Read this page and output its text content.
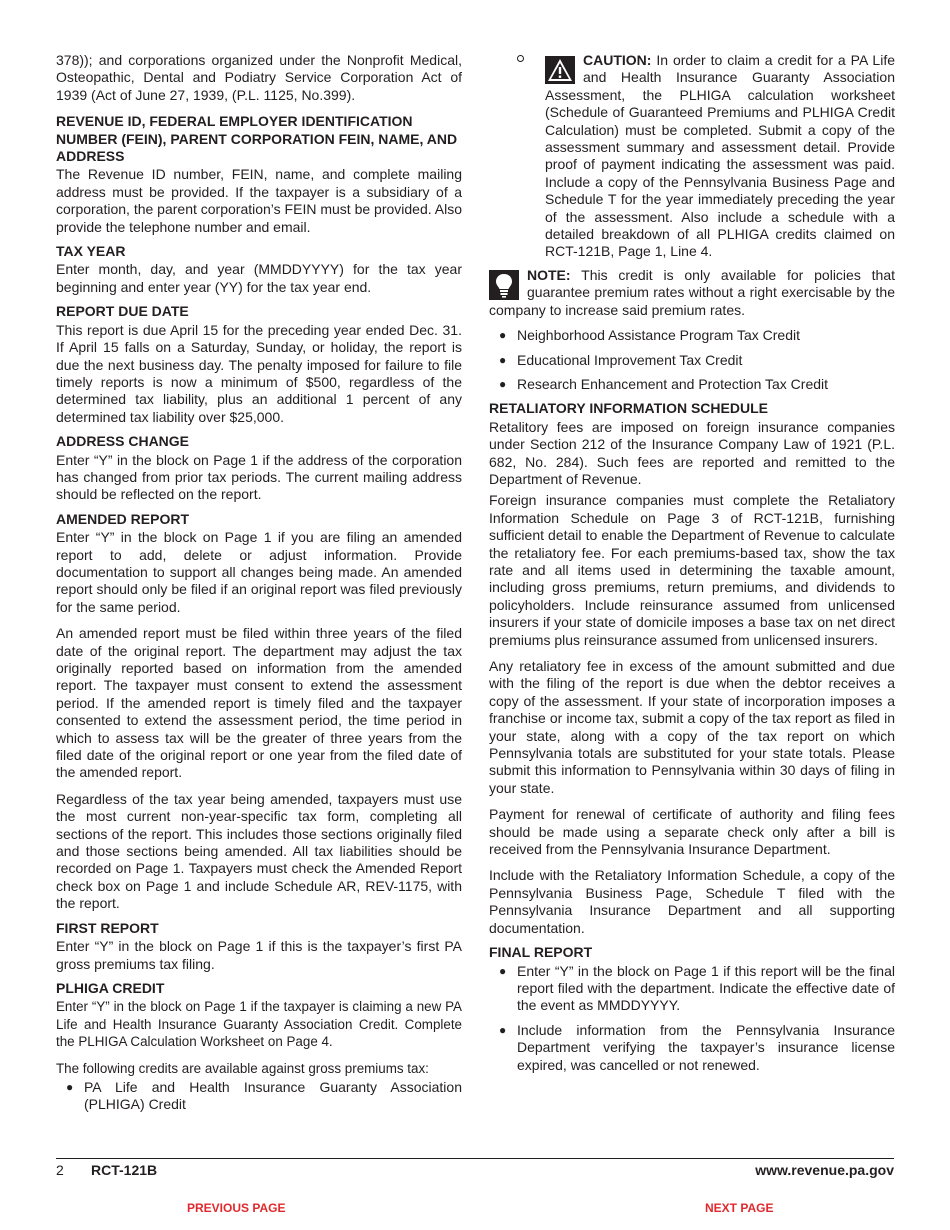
378)); and corporations organized under the Nonprofit Medical, Osteopathic, Dental and Podiatry Service Corporation Act of 1939 (Act of June 27, 1939, (P.L. 1125, No.399).

REVENUE ID, FEDERAL EMPLOYER IDENTIFICATION NUMBER (FEIN), PARENT CORPORATION FEIN, NAME, AND ADDRESS

The Revenue ID number, FEIN, name, and complete mailing address must be provided. If the taxpayer is a subsidiary of a corporation, the parent corporation’s FEIN must be provided. Also provide the telephone number and email.

TAX YEAR

Enter month, day, and year (MMDDYYYY) for the tax year beginning and enter year (YY) for the tax year end.

REPORT DUE DATE

This report is due April 15 for the preceding year ended Dec. 31. If April 15 falls on a Saturday, Sunday, or holiday, the report is due the next business day. The penalty imposed for failure to file timely reports is now a minimum of $500, regardless of the determined tax liability, plus an additional 1 percent of any determined tax liability over $25,000.

ADDRESS CHANGE

Enter “Y” in the block on Page 1 if the address of the corporation has changed from prior tax periods. The current mailing address should be reflected on the report.

AMENDED REPORT

Enter “Y” in the block on Page 1 if you are filing an amended report to add, delete or adjust information. Provide documentation to support all changes being made. An amended report should only be filed if an original report was filed previously for the same period.

An amended report must be filed within three years of the filed date of the original report. The department may adjust the tax originally reported based on information from the amended report. The taxpayer must consent to extend the assessment period. If the amended report is timely filed and the taxpayer consented to extend the assessment period, the time period in which to assess tax will be the greater of three years from the filed date of the original report or one year from the filed date of the amended report.

Regardless of the tax year being amended, taxpayers must use the most current non-year-specific tax form, completing all sections of the report. This includes those sections originally filed and those sections being amended. All tax liabilities should be recorded on Page 1. Taxpayers must check the Amended Report check box on Page 1 and include Schedule AR, REV-1175, with the report.

FIRST REPORT

Enter “Y” in the block on Page 1 if this is the taxpayer’s first PA gross premiums tax filing.

PLHIGA CREDIT

Enter “Y” in the block on Page 1 if the taxpayer is claiming a new PA Life and Health Insurance Guaranty Association Credit. Complete the PLHIGA Calculation Worksheet on Page 4.

The following credits are available against gross premiums tax:

● PA Life and Health Insurance Guaranty Association (PLHIGA) Credit

CAUTION: In order to claim a credit for a PA Life and Health Insurance Guaranty Association Assessment, the PLHIGA calculation worksheet (Schedule of Guaranteed Premiums and PLHIGA Credit Calculation) must be completed. Submit a copy of the assessment summary and assessment detail. Provide proof of payment indicating the assessment was paid. Include a copy of the Pennsylvania Business Page and Schedule T for the year immediately preceding the year of the assessment. Also include a schedule with a detailed breakdown of all PLHIGA credits claimed on RCT-121B, Page 1, Line 4.

NOTE: This credit is only available for policies that guarantee premium rates without a right exercisable by the company to increase said premium rates.

● Neighborhood Assistance Program Tax Credit
● Educational Improvement Tax Credit
● Research Enhancement and Protection Tax Credit
RETALIATORY INFORMATION SCHEDULE

Retalitory fees are imposed on foreign insurance companies under Section 212 of the Insurance Company Law of 1921 (P.L. 682, No. 284). Such fees are reported and remitted to the Department of Revenue.

Foreign insurance companies must complete the Retaliatory Information Schedule on Page 3 of RCT-121B, furnishing sufficient detail to enable the Department of Revenue to calculate the retaliatory fee. For each premiums-based tax, show the tax rate and all items used in determining the taxable amount, including gross premiums, return premiums, and dividends to policyholders. Include reinsurance assumed from unlicensed insurers if your state of domicile imposes a base tax on net direct premiums plus reinsurance assumed from unlicensed insurers.

Any retaliatory fee in excess of the amount submitted and due with the filing of the report is due when the debtor receives a copy of the assessment. If your state of incorporation imposes a franchise or income tax, submit a copy of the tax report as filed in your state, along with a copy of the tax report on which Pennsylvania totals are substituted for your state totals. Please submit this information to Pennsylvania within 30 days of filing in your state.

Payment for renewal of certificate of authority and filing fees should be made using a separate check only after a bill is received from the Pennsylvania Insurance Department.

Include with the Retaliatory Information Schedule, a copy of the Pennsylvania Business Page, Schedule T filed with the Pennsylvania Insurance Department and all supporting documentation.

FINAL REPORT
● Enter “Y” in the block on Page 1 if this report will be the final report filed with the department. Indicate the effective date of the event as MMDDYYYY.
● Include information from the Pennsylvania Insurance Department verifying the taxpayer’s insurance license expired, was cancelled or not renewed.
2 RCT-121B	www.revenue.pa.gov
PREVIOUS PAGE	NEXT PAGE
